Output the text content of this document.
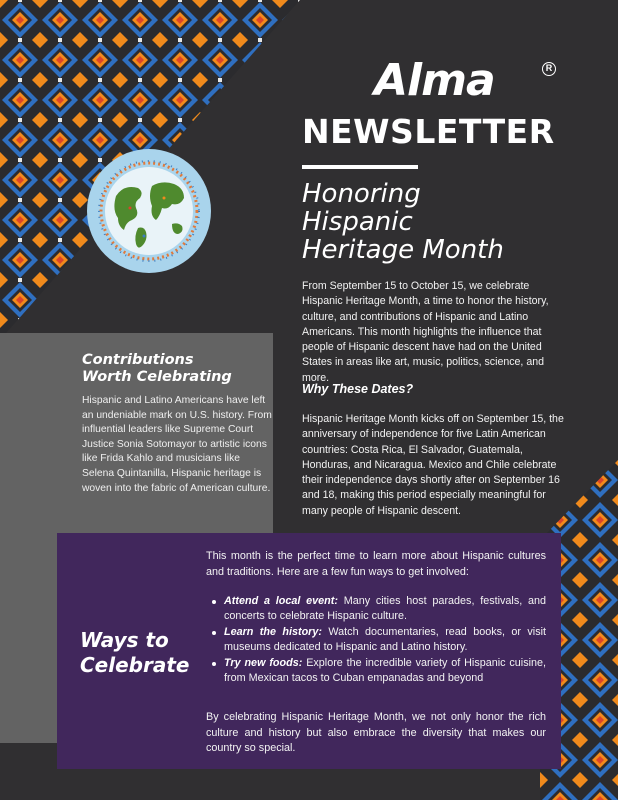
Alma	R
NEWSLETTER
Honoring
Hispanic
Heritage Month

From September 15 to October 15, we celebrate Hispanic Heritage Month, a time to honor the history, culture, and contributions of Hispanic and Latino Americans. This month highlights the influence that people of Hispanic descent have had on the United States in areas like art, music, politics, science, and more.

Why These Dates?

Hispanic Heritage Month kicks off on September 15, the anniversary of independence for five Latin American countries: Costa Rica, El Salvador, Guatemala, Honduras, and Nicaragua. Mexico and Chile celebrate their independence days shortly after on September 16 and 18, making this period especially meaningful for many people of Hispanic descent.

Contributions
Worth Celebrating

Hispanic and Latino Americans have left an undeniable mark on U.S. history. From influential leaders like Supreme Court Justice Sonia Sotomayor to artistic icons like Frida Kahlo and musicians like Selena Quintanilla, Hispanic heritage is woven into the fabric of American culture.

Ways to
Celebrate

This month is the perfect time to learn more about Hispanic cultures and traditions. Here are a few fun ways to get involved:

Attend a local event: Many cities host parades, festivals, and concerts to celebrate Hispanic culture.
Learn the history: Watch documentaries, read books, or visit museums dedicated to Hispanic and Latino history.
Try new foods: Explore the incredible variety of Hispanic cuisine, from Mexican tacos to Cuban empanadas and beyond

By celebrating Hispanic Heritage Month, we not only honor the rich culture and history but also embrace the diversity that makes our country so special.
